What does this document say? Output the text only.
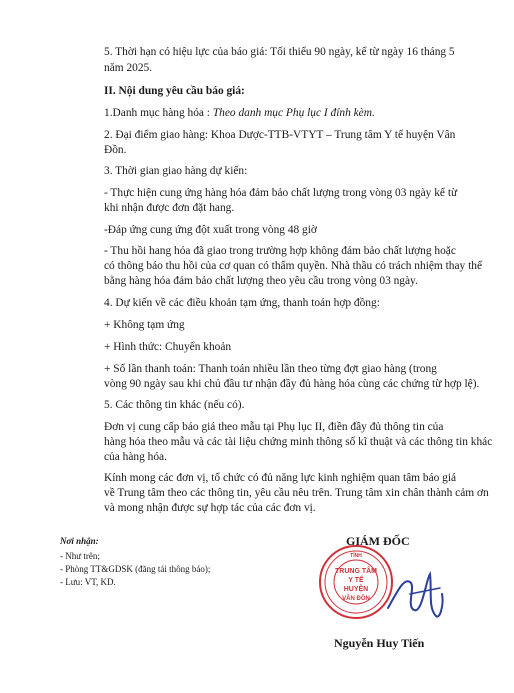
5. Thời hạn có hiệu lực của báo giá: Tối thiểu 90 ngày, kể từ ngày 16 tháng 5
năm 2025.
II. Nội dung yêu cầu báo giá:
1.Danh mục hàng hóa : Theo danh mục Phụ lục I đính kèm.
2. Đại điểm giao hàng: Khoa Dược-TTB-VTYT – Trung tâm Y tế huyện Vân
Đồn.
3. Thời gian giao hàng dự kiến:
- Thực hiện cung ứng hàng hóa đảm bảo chất lượng trong vòng 03 ngày kể từ
khi nhận được đơn đặt hang.
-Đáp ứng cung ứng đột xuất trong vòng 48 giờ
- Thu hồi hang hóa đã giao trong trường hợp không đảm bảo chất lượng hoặc
có thông báo thu hồi của cơ quan có thẩm quyền. Nhà thầu có trách nhiệm thay thế
bằng hàng hóa đảm bảo chất lượng theo yêu cầu trong vòng 03 ngày.
4. Dự kiến về các điều khoản tạm ứng, thanh toán hợp đồng:
+ Không tạm ứng
+ Hình thức: Chuyển khoản
+ Số lần thanh toán: Thanh toán nhiều lần theo từng đợt giao hàng (trong
vòng 90 ngày sau khi chủ đầu tư nhận đầy đủ hàng hóa cùng các chứng từ hợp lệ).
5. Các thông tin khác (nếu có).
Đơn vị cung cấp báo giá theo mẫu tại Phụ lục II, điền đầy đủ thông tin của
hàng hóa theo mẫu và các tài liệu chứng minh thông số kĩ thuật và các thông tin khác
của hàng hóa.
Kính mong các đơn vị, tổ chức có đủ năng lực kinh nghiệm quan tâm báo giá
về Trung tâm theo các thông tin, yêu cầu nêu trên. Trung tâm xin chân thành cảm ơn
và mong nhận được sự hợp tác của các đơn vị.
Nơi nhận:
- Như trên;
- Phòng TT&GDSK (đăng tải thông báo);
- Lưu: VT, KD.
GIÁM ĐỐC
TỈNH
TRUNG TÂM
Y TẾ
HUYỆN
VÂN ĐỒN
Nguyễn Huy Tiến
